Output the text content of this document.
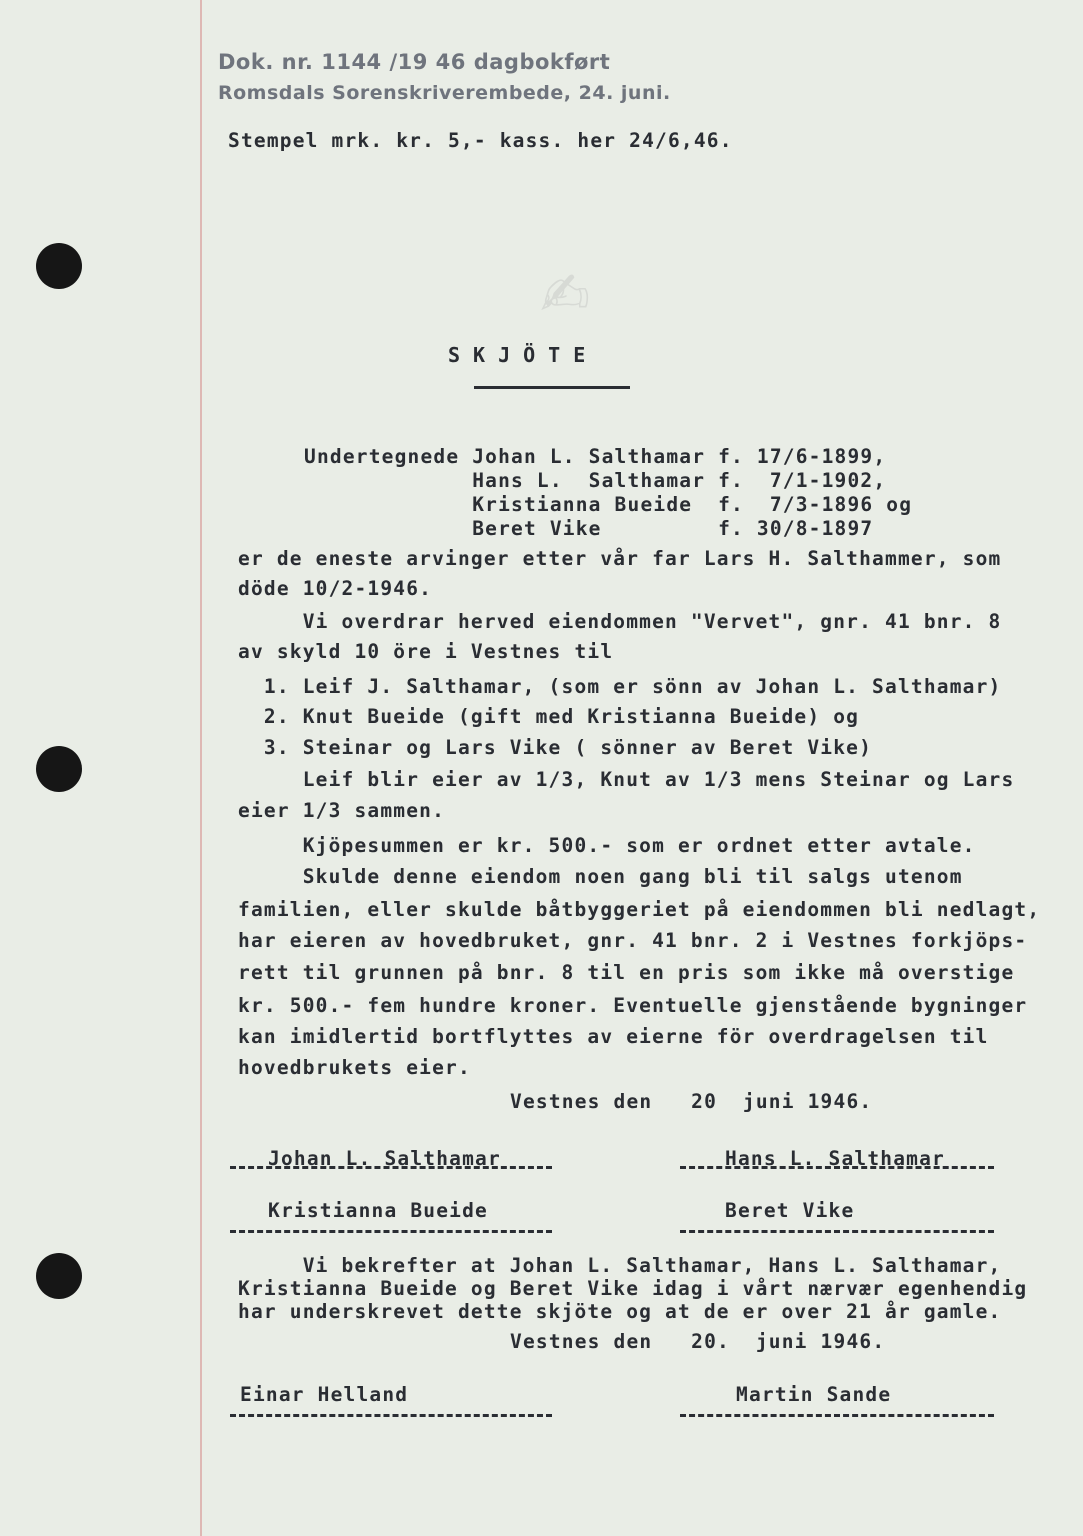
✍
Dok. nr. 1144 /19 46 dagbokført
Romsdals Sorenskriverembede, 24. juni.
Stempel mrk. kr. 5,- kass. her 24/6,46.
SKJÖTE
Undertegnede Johan L. Salthamar f. 17/6-1899,
Hans L.  Salthamar f.  7/1-1902,
Kristianna Bueide  f.  7/3-1896 og
Beret Vike         f. 30/8-1897
er de eneste arvinger etter vår far Lars H. Salthammer, som
döde 10/2-1946.
Vi overdrar herved eiendommen "Vervet", gnr. 41 bnr. 8
av skyld 10 öre i Vestnes til
1. Leif J. Salthamar, (som er sönn av Johan L. Salthamar)
2. Knut Bueide (gift med Kristianna Bueide) og
3. Steinar og Lars Vike ( sönner av Beret Vike)
Leif blir eier av 1/3, Knut av 1/3 mens Steinar og Lars
eier 1/3 sammen.
Kjöpesummen er kr. 500.- som er ordnet etter avtale.
Skulde denne eiendom noen gang bli til salgs utenom
familien, eller skulde båtbyggeriet på eiendommen bli nedlagt,
har eieren av hovedbruket, gnr. 41 bnr. 2 i Vestnes forkjöps-
rett til grunnen på bnr. 8 til en pris som ikke må overstige
kr. 500.- fem hundre kroner. Eventuelle gjenstående bygninger
kan imidlertid bortflyttes av eierne för overdragelsen til
hovedbrukets eier.
Vestnes den   20  juni 1946.
Johan L. Salthamar	Hans L. Salthamar
Kristianna Bueide	Beret Vike
Vi bekrefter at Johan L. Salthamar, Hans L. Salthamar,
Kristianna Bueide og Beret Vike idag i vårt nærvær egenhendig
har underskrevet dette skjöte og at de er over 21 år gamle.
Vestnes den   20.  juni 1946.
Einar Helland	Martin Sande
